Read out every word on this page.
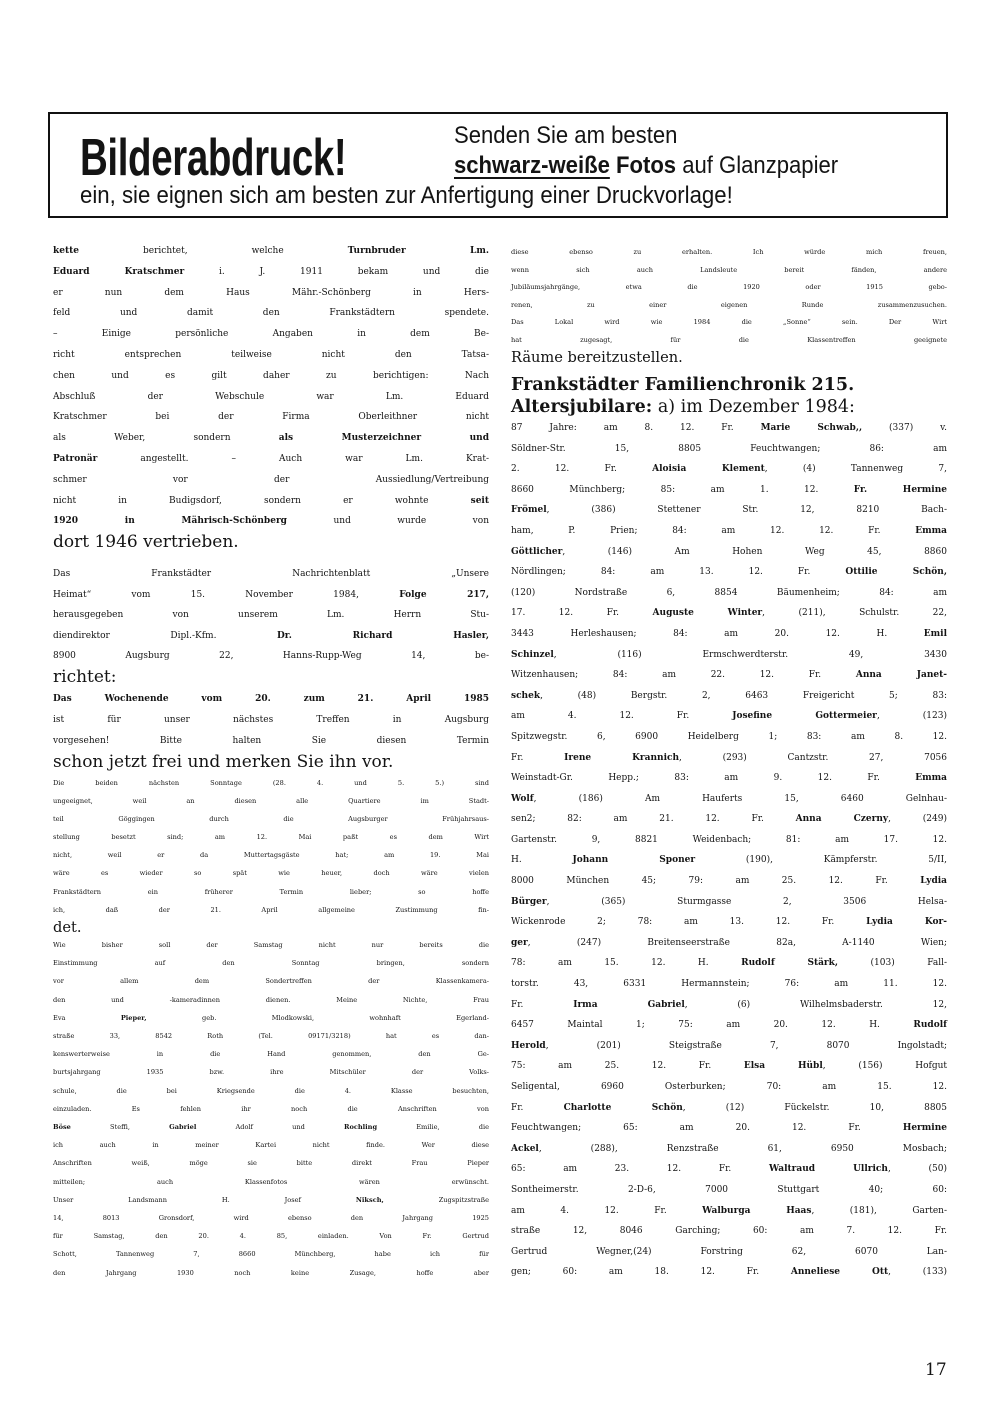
Bilderabdruck!	Senden Sie am besten
schwarz-weiße Fotos auf Glanzpapier
ein, sie eignen sich am besten zur Anfertigung einer Druckvorlage!
kette berichtet, welche Turnbruder Lm.
Eduard Kratschmer i. J. 1911 bekam und die
er nun dem Haus Mähr.-Schönberg in Hers-
feld und damit den Frankstädtern spendete.
– Einige persönliche Angaben in dem Be-
richt entsprechen teilweise nicht den Tatsa-
chen und es gilt daher zu berichtigen: Nach
Abschluß der Webschule war Lm. Eduard
Kratschmer bei der Firma Oberleithner nicht
als Weber, sondern als Musterzeichner und
Patronär angestellt. – Auch war Lm. Krat-
schmer vor der Aussiedlung/Vertreibung
nicht in Budigsdorf, sondern er wohnte seit
1920 in Mährisch-Schönberg und wurde von
dort 1946 vertrieben.
Das Frankstädter Nachrichtenblatt „Unsere
Heimat“ vom 15. November 1984, Folge 217,
herausgegeben von unserem Lm. Herrn Stu-
diendirektor Dipl.-Kfm. Dr. Richard Hasler,
8900 Augsburg 22, Hanns-Rupp-Weg 14, be-
richtet:
Das Wochenende vom 20. zum 21. April 1985
ist für unser nächstes Treffen in Augsburg
vorgesehen! Bitte halten Sie diesen Termin
schon jetzt frei und merken Sie ihn vor.
Die beiden nächsten Sonntage (28. 4. und 5. 5.) sind
ungeeignet, weil an diesen alle Quartiere im Stadt-
teil Göggingen durch die Augsburger Frühjahrsaus-
stellung besetzt sind; am 12. Mai paßt es dem Wirt
nicht, weil er da Muttertagsgäste hat; am 19. Mai
wäre es wieder so spät wie heuer, doch wäre vielen
Frankstädtern ein früherer Termin lieber; so hoffe
ich, daß der 21. April allgemeine Zustimmung fin-
det.
Wie bisher soll der Samstag nicht nur bereits die
Einstimmung auf den Sonntag bringen, sondern
vor allem dem Sondertreffen der Klassenkamera-
den und -kameradinnen dienen. Meine Nichte, Frau
Eva Pieper, geb. Mlodkowski, wohnhaft Egerland-
straße 33, 8542 Roth (Tel. 09171/3218) hat es dan-
kenswerterweise in die Hand genommen, den Ge-
burtsjahrgang 1935 bzw. ihre Mitschüler der Volks-
schule, die bei Kriegsende die 4. Klasse besuchten,
einzuladen. Es fehlen ihr noch die Anschriften von
Böse Steffi, Gabriel Adolf und Rochling Emilie, die
ich auch in meiner Kartei nicht finde. Wer diese
Anschriften weiß, möge sie bitte direkt Frau Pieper
mitteilen; auch Klassenfotos wären erwünscht.
Unser Landsmann H. Josef Niksch, Zugspitzstraße
14, 8013 Gronsdorf, wird ebenso den Jahrgang 1925
für Samstag, den 20. 4. 85, einladen. Von Fr. Gertrud
Schott, Tannenweg 7, 8660 Münchberg, habe ich für
den Jahrgang 1930 noch keine Zusage, hoffe aber
diese ebenso zu erhalten. Ich würde mich freuen,
wenn sich auch Landsleute bereit fänden, andere
Jubiläumsjahrgänge, etwa die 1920 oder 1915 gebo-
renen, zu einer eigenen Runde zusammenzusuchen.
Das Lokal wird wie 1984 die „Sonne“ sein. Der Wirt
hat zugesagt, für die Klassentreffen geeignete
Räume bereitzustellen.
Frankstädter Familienchronik 215.
Altersjubilare: a) im Dezember 1984:
87 Jahre: am 8. 12. Fr. Marie Schwab,, (337) v.
Söldner-Str. 15, 8805 Feuchtwangen; 86: am
2. 12. Fr. Aloisia Klement, (4) Tannenweg 7,
8660 Münchberg; 85: am 1. 12. Fr. Hermine
Frömel, (386) Stettener Str. 12, 8210 Bach-
ham, P. Prien; 84: am 12. 12. Fr. Emma
Göttlicher, (146) Am Hohen Weg 45, 8860
Nördlingen; 84: am 13. 12. Fr. Ottilie Schön,
(120) Nordstraße 6, 8854 Bäumenheim; 84: am
17. 12. Fr. Auguste Winter, (211), Schulstr. 22,
3443 Herleshausen; 84: am 20. 12. H. Emil
Schinzel, (116) Ermschwerdterstr. 49, 3430
Witzenhausen; 84: am 22. 12. Fr. Anna Janet-
schek, (48) Bergstr. 2, 6463 Freigericht 5; 83:
am 4. 12. Fr. Josefine Gottermeier, (123)
Spitzwegstr. 6, 6900 Heidelberg 1; 83: am 8. 12.
Fr. Irene Krannich, (293) Cantzstr. 27, 7056
Weinstadt-Gr. Hepp.; 83: am 9. 12. Fr. Emma
Wolf, (186) Am Hauferts 15, 6460 Gelnhau-
sen2; 82: am 21. 12. Fr. Anna Czerny, (249)
Gartenstr. 9, 8821 Weidenbach; 81: am 17. 12.
H. Johann Sponer (190), Kämpferstr. 5/II,
8000 München 45; 79: am 25. 12. Fr. Lydia
Bürger, (365) Sturmgasse 2, 3506 Helsa-
Wickenrode 2; 78: am 13. 12. Fr. Lydia Kor-
ger, (247) Breitenseerstraße 82a, A-1140 Wien;
78: am 15. 12. H. Rudolf Stärk, (103) Fall-
torstr. 43, 6331 Hermannstein; 76: am 11. 12.
Fr. Irma Gabriel, (6) Wilhelmsbaderstr. 12,
6457 Maintal 1; 75: am 20. 12. H. Rudolf
Herold, (201) Steigstraße 7, 8070 Ingolstadt;
75: am 25. 12. Fr. Elsa Hübl, (156) Hofgut
Seligental, 6960 Osterburken; 70: am 15. 12.
Fr. Charlotte Schön, (12) Fückelstr. 10, 8805
Feuchtwangen; 65: am 20. 12. Fr. Hermine
Ackel, (288), Renzstraße 61, 6950 Mosbach;
65: am 23. 12. Fr. Waltraud Ullrich, (50)
Sontheimerstr. 2-D-6, 7000 Stuttgart 40; 60:
am 4. 12. Fr. Walburga Haas, (181), Garten-
straße 12, 8046 Garching; 60: am 7. 12. Fr.
Gertrud Wegner,(24) Forstring 62, 6070 Lan-
gen; 60: am 18. 12. Fr. Anneliese Ott, (133)
17
